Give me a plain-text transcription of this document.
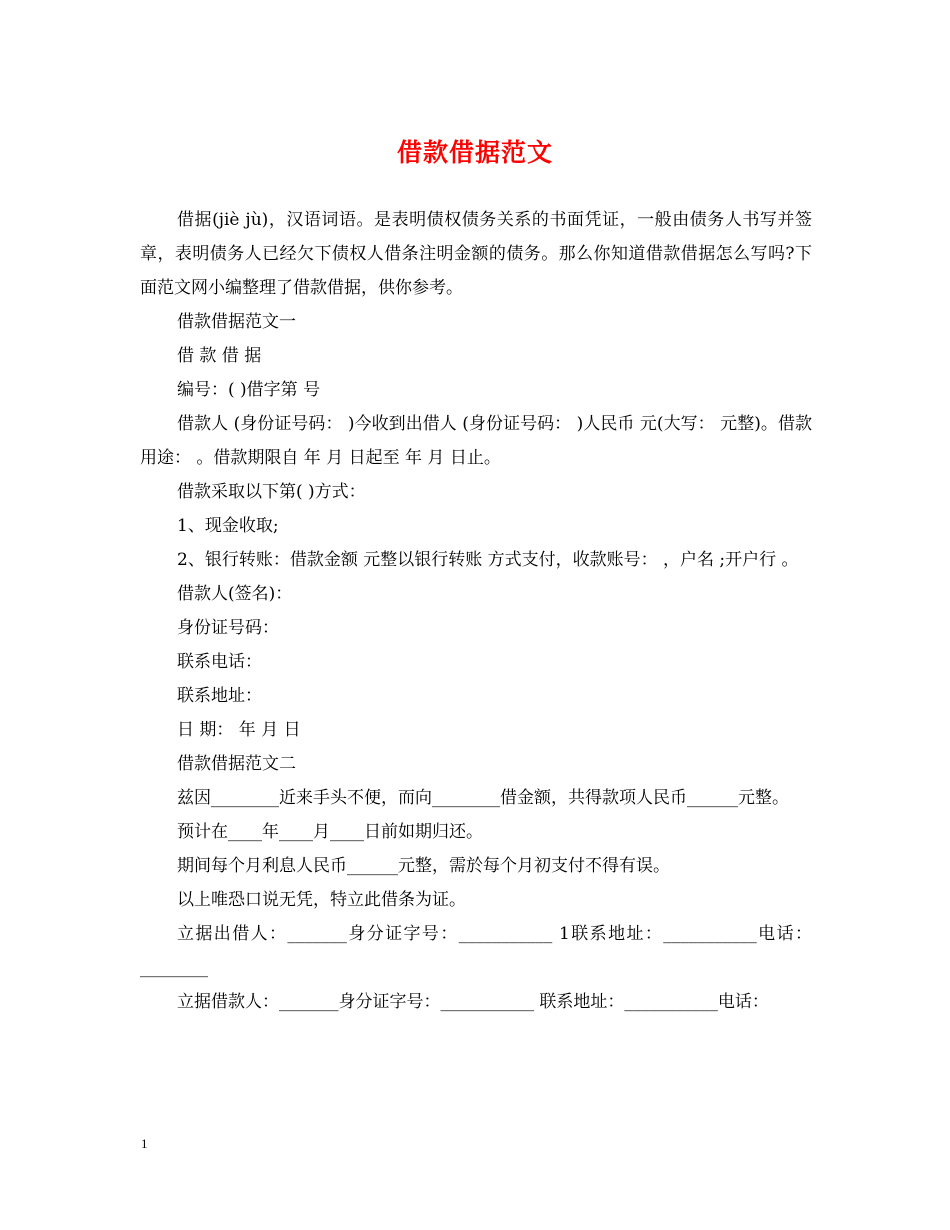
借款借据范文

借据(jiè jù)，汉语词语。是表明债权债务关系的书面凭证，一般由债务人书写并签章，表明债务人已经欠下债权人借条注明金额的债务。那么你知道借款借据怎么写吗?下面范文网小编整理了借款借据，供你参考。

借款借据范文一

借 款 借 据

编号：( )借字第 号

借款人 (身份证号码： )今收到出借人 (身份证号码： )人民币 元(大写： 元整)。借款用途： 。借款期限自 年 月 日起至 年 月 日止。

借款采取以下第( )方式：

1、现金收取;

2、银行转账：借款金额 元整以银行转账 方式支付，收款账号： ，户名 ;开户行 。

借款人(签名)：

身份证号码：

联系电话：

联系地址：

日 期： 年 月 日

借款借据范文二

兹因________近来手头不便，而向________借金额，共得款项人民币______元整。

预计在____年____月____日前如期归还。

期间每个月利息人民币______元整，需於每个月初支付不得有误。

以上唯恐口说无凭，特立此借条为证。

立据出借人：_______身分证字号：___________ 1联系地址：___________电话：________

立据借款人：_______身分证字号：___________ 联系地址：___________电话：

1
